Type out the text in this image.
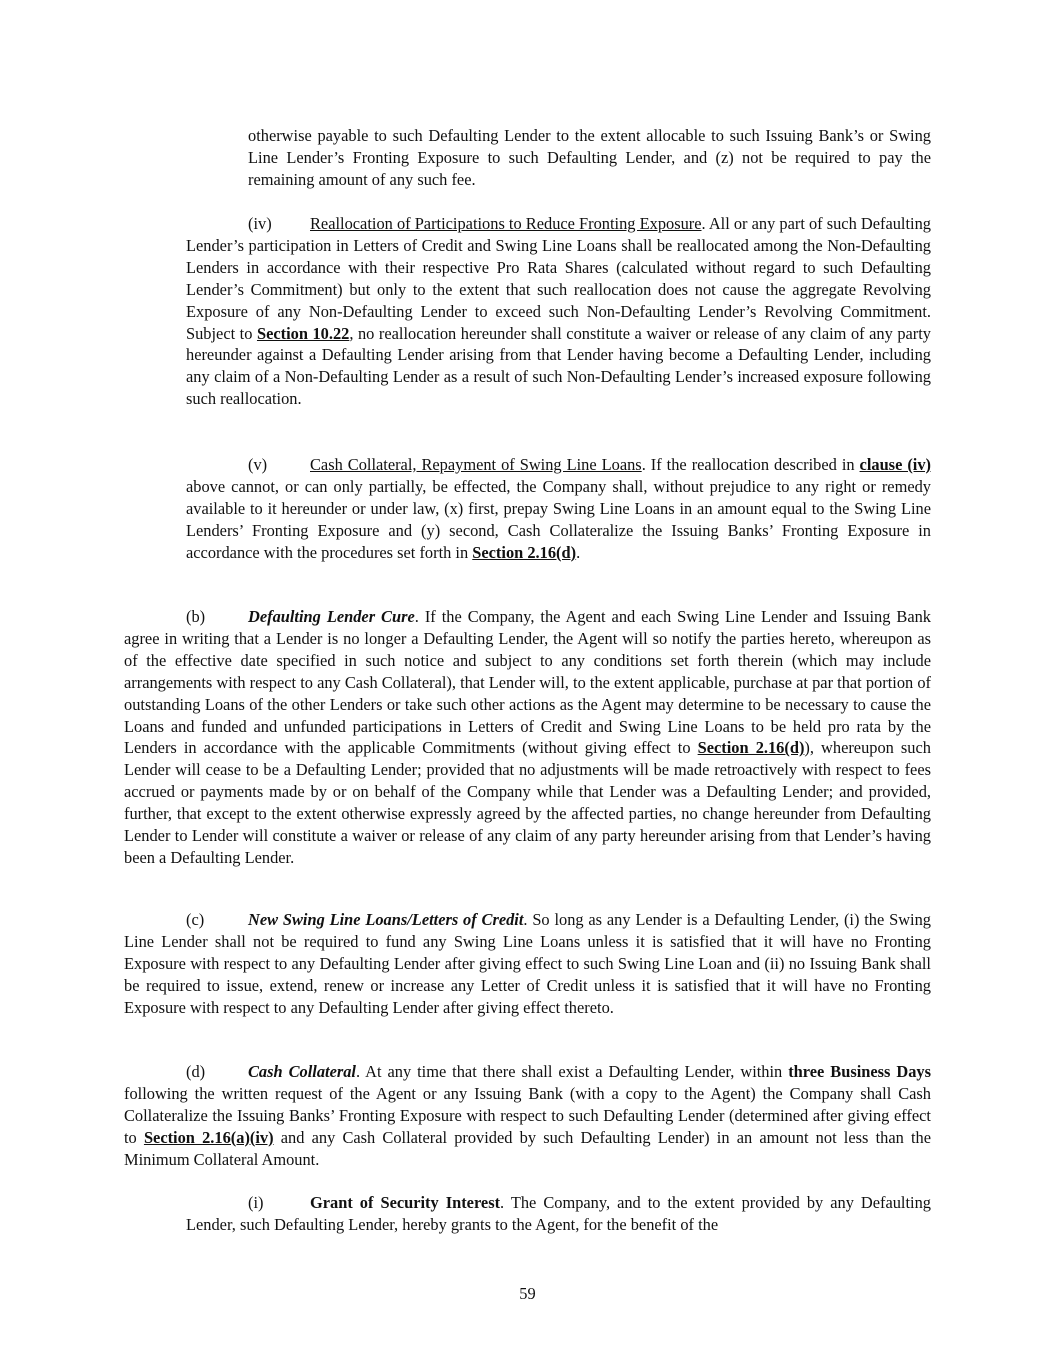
otherwise payable to such Defaulting Lender to the extent allocable to such Issuing Bank’s or Swing Line Lender’s Fronting Exposure to such Defaulting Lender, and (z) not be required to pay the remaining amount of any such fee.

(iv) Reallocation of Participations to Reduce Fronting Exposure. All or any part of such Defaulting Lender’s participation in Letters of Credit and Swing Line Loans shall be reallocated among the Non-Defaulting Lenders in accordance with their respective Pro Rata Shares (calculated without regard to such Defaulting Lender’s Commitment) but only to the extent that such reallocation does not cause the aggregate Revolving Exposure of any Non-Defaulting Lender to exceed such Non-Defaulting Lender’s Revolving Commitment. Subject to Section 10.22, no reallocation hereunder shall constitute a waiver or release of any claim of any party hereunder against a Defaulting Lender arising from that Lender having become a Defaulting Lender, including any claim of a Non-Defaulting Lender as a result of such Non-Defaulting Lender’s increased exposure following such reallocation.

(v)	Cash Collateral, Repayment of Swing Line Loans. If the reallocation described in clause (iv) above cannot, or can only partially, be effected, the Company shall, without prejudice to any right or remedy available to it hereunder or under law, (x) first, prepay Swing Line Loans in an amount equal to the Swing Line Lenders’ Fronting Exposure and (y) second, Cash Collateralize the Issuing Banks’ Fronting Exposure in accordance with the procedures set forth in Section 2.16(d).

(b)	Defaulting Lender Cure. If the Company, the Agent and each Swing Line Lender and Issuing Bank agree in writing that a Lender is no longer a Defaulting Lender, the Agent will so notify the parties hereto, whereupon as of the effective date specified in such notice and subject to any conditions set forth therein (which may include arrangements with respect to any Cash Collateral), that Lender will, to the extent applicable, purchase at par that portion of outstanding Loans of the other Lenders or take such other actions as the Agent may determine to be necessary to cause the Loans and funded and unfunded participations in Letters of Credit and Swing Line Loans to be held pro rata by the Lenders in accordance with the applicable Commitments (without giving effect to Section 2.16(d)), whereupon such Lender will cease to be a Defaulting Lender; provided that no adjustments will be made retroactively with respect to fees accrued or payments made by or on behalf of the Company while that Lender was a Defaulting Lender; and provided, further, that except to the extent otherwise expressly agreed by the affected parties, no change hereunder from Defaulting Lender to Lender will constitute a waiver or release of any claim of any party hereunder arising from that Lender’s having been a Defaulting Lender.

(c)	New Swing Line Loans/Letters of Credit. So long as any Lender is a Defaulting Lender, (i) the Swing Line Lender shall not be required to fund any Swing Line Loans unless it is satisfied that it will have no Fronting Exposure with respect to any Defaulting Lender after giving effect to such Swing Line Loan and (ii) no Issuing Bank shall be required to issue, extend, renew or increase any Letter of Credit unless it is satisfied that it will have no Fronting Exposure with respect to any Defaulting Lender after giving effect thereto.

(d)	Cash Collateral. At any time that there shall exist a Defaulting Lender, within three Business Days following the written request of the Agent or any Issuing Bank (with a copy to the Agent) the Company shall Cash Collateralize the Issuing Banks’ Fronting Exposure with respect to such Defaulting Lender (determined after giving effect to Section 2.16(a)(iv) and any Cash Collateral provided by such Defaulting Lender) in an amount not less than the Minimum Collateral Amount.

(i)	Grant of Security Interest. The Company, and to the extent provided by any Defaulting Lender, such Defaulting Lender, hereby grants to the Agent, for the benefit of the

59
